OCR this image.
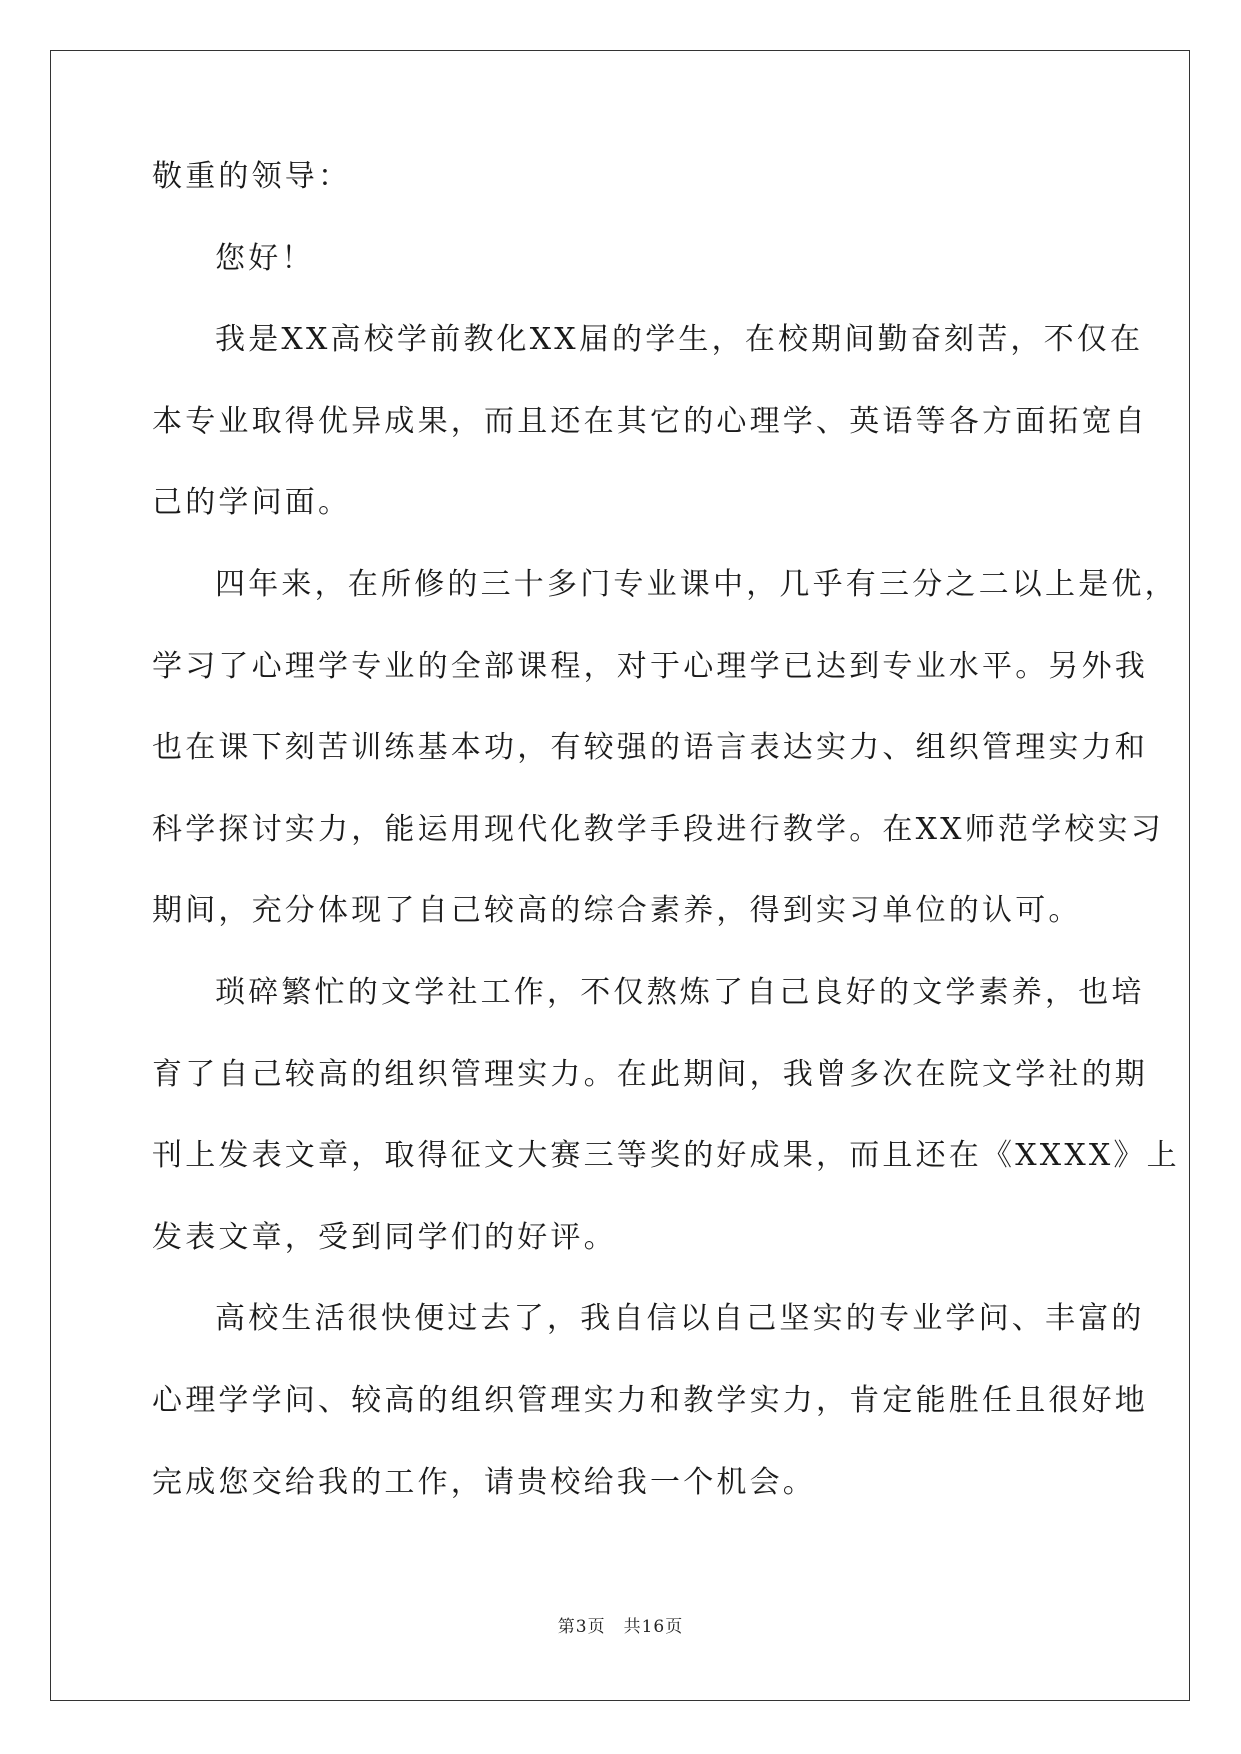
敬重的领导：
您好！
我是XX高校学前教化XX届的学生，在校期间勤奋刻苦，不仅在
本专业取得优异成果，而且还在其它的心理学、英语等各方面拓宽自
己的学问面。
四年来，在所修的三十多门专业课中，几乎有三分之二以上是优，
学习了心理学专业的全部课程，对于心理学已达到专业水平。另外我
也在课下刻苦训练基本功，有较强的语言表达实力、组织管理实力和
科学探讨实力，能运用现代化教学手段进行教学。在XX师范学校实习
期间，充分体现了自己较高的综合素养，得到实习单位的认可。
琐碎繁忙的文学社工作，不仅熬炼了自己良好的文学素养，也培
育了自己较高的组织管理实力。在此期间，我曾多次在院文学社的期
刊上发表文章，取得征文大赛三等奖的好成果，而且还在《XXXX》上
发表文章，受到同学们的好评。
高校生活很快便过去了，我自信以自己坚实的专业学问、丰富的
心理学学问、较高的组织管理实力和教学实力，肯定能胜任且很好地
完成您交给我的工作，请贵校给我一个机会。
第3页　共16页
